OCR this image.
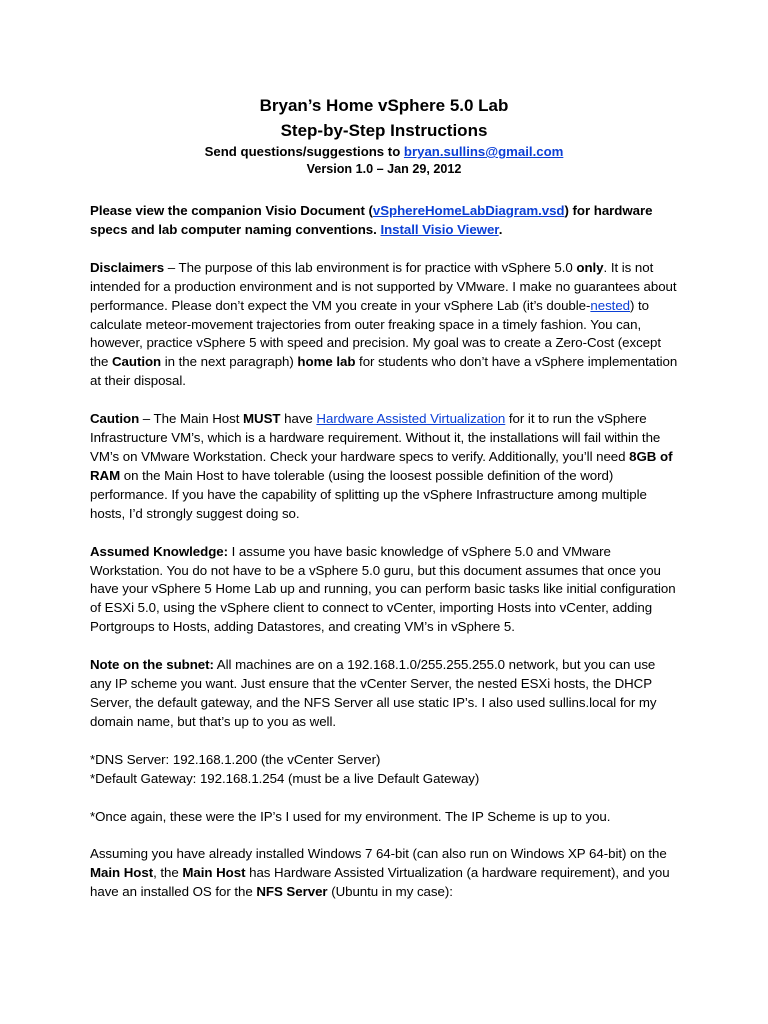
Bryan’s Home vSphere 5.0 Lab
Step-by-Step Instructions
Send questions/suggestions to bryan.sullins@gmail.com
Version 1.0 – Jan 29, 2012

Please view the companion Visio Document (vSphereHomeLabDiagram.vsd) for hardware specs and lab computer naming conventions. Install Visio Viewer.

Disclaimers – The purpose of this lab environment is for practice with vSphere 5.0 only. It is not intended for a production environment and is not supported by VMware. I make no guarantees about performance. Please don’t expect the VM you create in your vSphere Lab (it’s double-nested) to calculate meteor-movement trajectories from outer freaking space in a timely fashion. You can, however, practice vSphere 5 with speed and precision. My goal was to create a Zero-Cost (except the Caution in the next paragraph) home lab for students who don’t have a vSphere implementation at their disposal.

Caution – The Main Host MUST have Hardware Assisted Virtualization for it to run the vSphere Infrastructure VM’s, which is a hardware requirement. Without it, the installations will fail within the VM’s on VMware Workstation. Check your hardware specs to verify. Additionally, you’ll need 8GB of RAM on the Main Host to have tolerable (using the loosest possible definition of the word) performance. If you have the capability of splitting up the vSphere Infrastructure among multiple hosts, I’d strongly suggest doing so.

Assumed Knowledge: I assume you have basic knowledge of vSphere 5.0 and VMware Workstation. You do not have to be a vSphere 5.0 guru, but this document assumes that once you have your vSphere 5 Home Lab up and running, you can perform basic tasks like initial configuration of ESXi 5.0, using the vSphere client to connect to vCenter, importing Hosts into vCenter, adding Portgroups to Hosts, adding Datastores, and creating VM’s in vSphere 5.

Note on the subnet: All machines are on a 192.168.1.0/255.255.255.0 network, but you can use any IP scheme you want. Just ensure that the vCenter Server, the nested ESXi hosts, the DHCP Server, the default gateway, and the NFS Server all use static IP’s. I also used sullins.local for my domain name, but that’s up to you as well.

*DNS Server: 192.168.1.200 (the vCenter Server)

*Default Gateway: 192.168.1.254 (must be a live Default Gateway)

*Once again, these were the IP’s I used for my environment. The IP Scheme is up to you.

Assuming you have already installed Windows 7 64-bit (can also run on Windows XP 64-bit) on the Main Host, the Main Host has Hardware Assisted Virtualization (a hardware requirement), and you have an installed OS for the NFS Server (Ubuntu in my case):
